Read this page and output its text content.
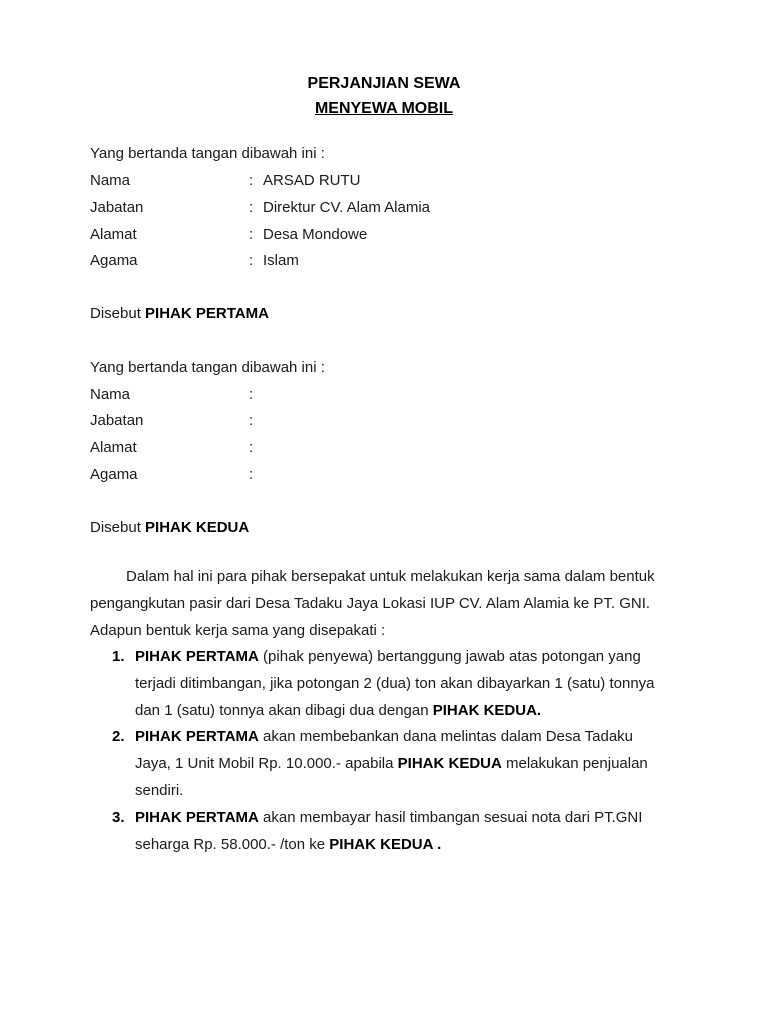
PERJANJIAN SEWA
MENYEWA MOBIL
Yang bertanda tangan dibawah ini :
Nama	: ARSAD RUTU
Jabatan	: Direktur CV. Alam Alamia
Alamat	: Desa Mondowe
Agama	: Islam
Disebut PIHAK PERTAMA
Yang bertanda tangan dibawah ini :
Nama	:
Jabatan	:
Alamat	:
Agama	:
Disebut PIHAK KEDUA
Dalam hal ini para pihak bersepakat untuk melakukan kerja sama dalam bentuk
pengangkutan pasir dari Desa Tadaku Jaya Lokasi IUP CV. Alam Alamia ke PT. GNI.
Adapun bentuk kerja sama yang disepakati :
1. PIHAK PERTAMA (pihak penyewa) bertanggung jawab atas potongan yang
terjadi ditimbangan, jika potongan 2 (dua) ton akan dibayarkan 1 (satu) tonnya
dan 1 (satu) tonnya akan dibagi dua dengan PIHAK KEDUA.
2. PIHAK PERTAMA akan membebankan dana melintas dalam Desa Tadaku
Jaya, 1 Unit Mobil Rp. 10.000.- apabila PIHAK KEDUA melakukan penjualan
sendiri.
3. PIHAK PERTAMA akan membayar hasil timbangan sesuai nota dari PT.GNI
seharga Rp. 58.000.- /ton ke PIHAK KEDUA .
